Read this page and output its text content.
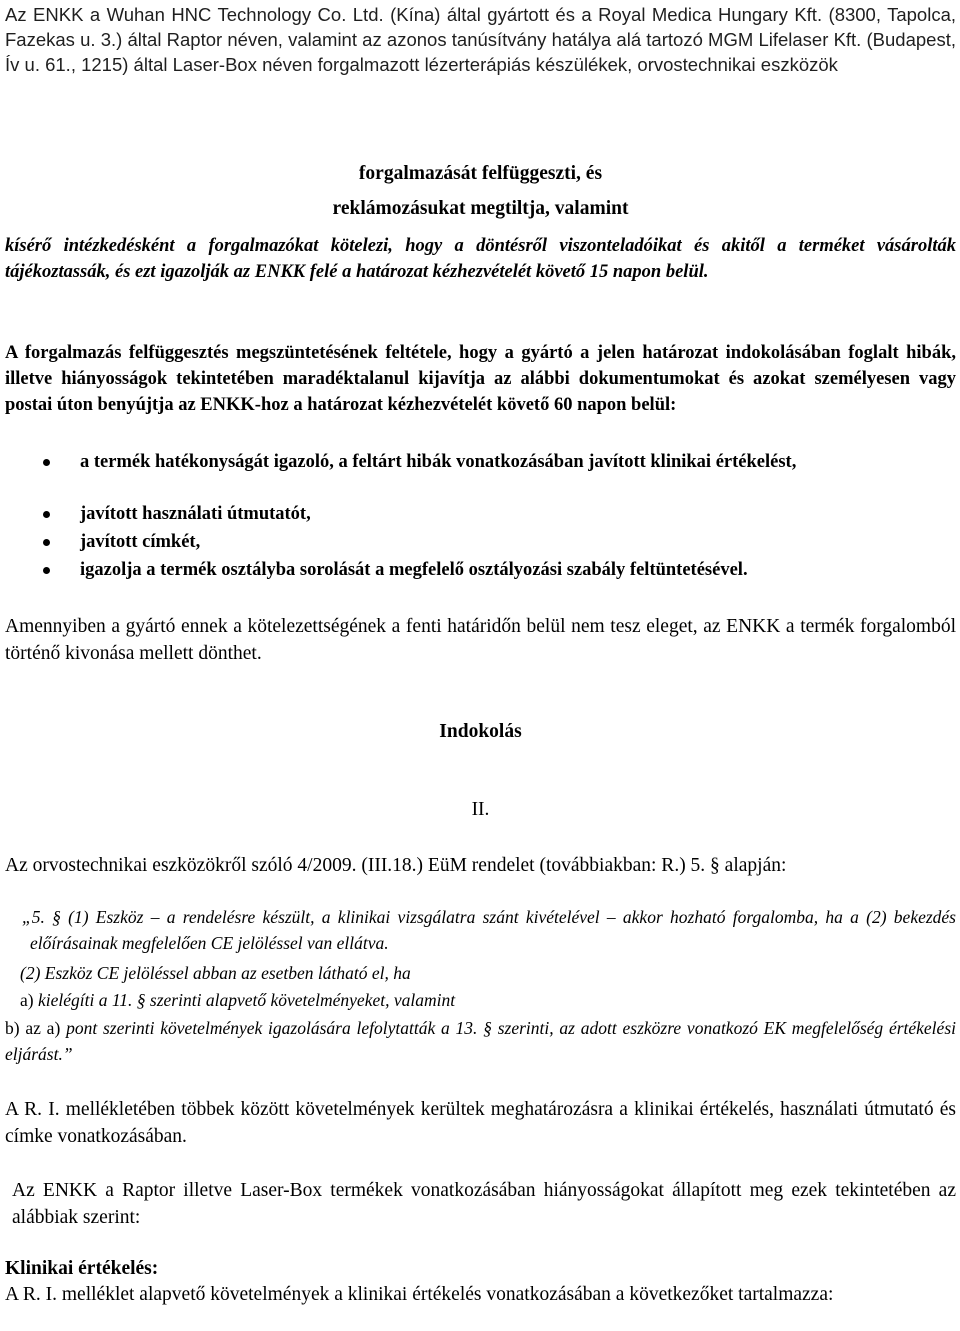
Az ENKK a Wuhan HNC Technology Co. Ltd. (Kína) által gyártott és a Royal Medica Hungary Kft. (8300, Tapolca, Fazekas u. 3.) által Raptor néven, valamint az azonos tanúsítvány hatálya alá tartozó MGM Lifelaser Kft. (Budapest, Ív u. 61., 1215) által Laser-Box néven forgalmazott lézerterápiás készülékek, orvostechnikai eszközök

forgalmazását felfüggeszti, és

reklámozásukat megtiltja, valamint

kísérő intézkedésként a forgalmazókat kötelezi, hogy a döntésről viszonteladóikat és akitől a terméket vásárolták tájékoztassák, és ezt igazolják az ENKK felé a határozat kézhezvételét követő 15 napon belül.

A forgalmazás felfüggesztés megszüntetésének feltétele, hogy a gyártó a jelen határozat indokolásában foglalt hibák, illetve hiányosságok tekintetében maradéktalanul kijavítja az alábbi dokumentumokat és azokat személyesen vagy postai úton benyújtja az ENKK-hoz a határozat kézhezvételét követő 60 napon belül:

a termék hatékonyságát igazoló, a feltárt hibák vonatkozásában javított klinikai értékelést,
javított használati útmutatót,
javított címkét,
igazolja a termék osztályba sorolását a megfelelő osztályozási szabály feltüntetésével.

Amennyiben a gyártó ennek a kötelezettségének a fenti határidőn belül nem tesz eleget, az ENKK a termék forgalomból történő kivonása mellett dönthet.

Indokolás

II.

Az orvostechnikai eszközökről szóló 4/2009. (III.18.) EüM rendelet (továbbiakban: R.) 5. § alapján:

„5. § (1) Eszköz – a rendelésre készült, a klinikai vizsgálatra szánt kivételével – akkor hozható forgalomba, ha a (2) bekezdés előírásainak megfelelően CE jelöléssel van ellátva.

(2) Eszköz CE jelöléssel abban az esetben látható el, ha

a) kielégíti a 11. § szerinti alapvető követelményeket, valamint

b) az a) pont szerinti követelmények igazolására lefolytatták a 13. § szerinti, az adott eszközre vonatkozó EK megfelelőség értékelési eljárást.”

A R. I. mellékletében többek között követelmények kerültek meghatározásra a klinikai értékelés, használati útmutató és címke vonatkozásában.

Az ENKK a Raptor illetve Laser-Box termékek vonatkozásában hiányosságokat állapított meg ezek tekintetében az alábbiak szerint:

Klinikai értékelés:

A R. I. melléklet alapvető követelmények a klinikai értékelés vonatkozásában a következőket tartalmazza:
